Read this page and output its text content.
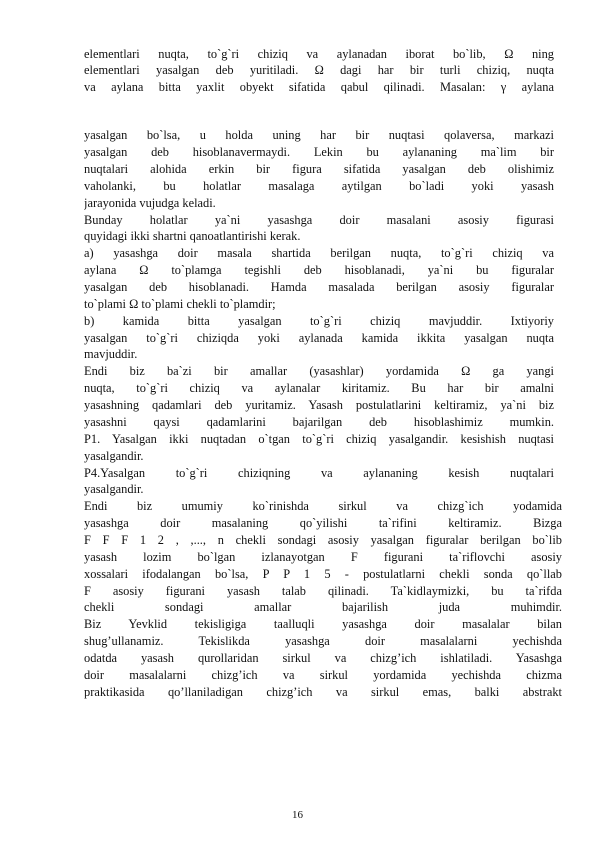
elementlari nuqta, to`g`ri chiziq va aylanadan iborat bo`lib, Ω ning
elementlari yasalgan deb yuritiladi. Ω dagi har bir turli chiziq, nuqta
va aylana bitta yaxlit obyekt sifatida qabul qilinadi. Masalan: γ aylana
yasalgan bo`lsa, u holda uning har bir nuqtasi qolaversa, markazi
yasalgan deb hisoblanavermaydi. Lekin bu aylananing ma`lim bir
nuqtalari alohida erkin bir figura sifatida yasalgan deb olishimiz
vaholanki, bu holatlar masalaga aytilgan bo`ladi yoki yasash
jarayonida vujudga keladi.
Bunday holatlar ya`ni yasashga doir masalani asosiy figurasi
quyidagi ikki shartni qanoatlantirishi kerak.
a) yasashga doir masala shartida berilgan nuqta, to`g`ri chiziq va
aylana Ω to`plamga tegishli deb hisoblanadi, ya`ni bu figuralar
yasalgan deb hisoblanadi. Hamda masalada berilgan asosiy figuralar
to`plami Ω to`plami chekli to`plamdir;
b) kamida bitta yasalgan to`g`ri chiziq mavjuddir. Ixtiyoriy
yasalgan to`g`ri chiziqda yoki aylanada kamida ikkita yasalgan nuqta
mavjuddir.
Endi biz ba`zi bir amallar (yasashlar) yordamida Ω ga yangi
nuqta, to`g`ri chiziq va aylanalar kiritamiz. Bu har bir amalni
yasashning qadamlari deb yuritamiz. Yasash postulatlarini keltiramiz, ya`ni biz
yasashni qaysi qadamlarini bajarilgan deb hisoblashimiz mumkin.
P1. Yasalgan ikki nuqtadan o`tgan to`g`ri chiziq yasalgandir. kesishish nuqtasi
yasalgandir.
P4.Yasalgan to`g`ri chiziqning va aylananing kesish nuqtalari
yasalgandir.
Endi biz umumiy ko`rinishda sirkul va chizg`ich yodamida
yasashga doir masalaning qo`yilishi ta`rifini keltiramiz. Bizga
F F F 1 2 , ,..., n chekli sondagi asosiy yasalgan figuralar berilgan bo`lib
yasash lozim bo`lgan izlanayotgan F figurani ta`riflovchi asosiy
xossalari ifodalangan bo`lsa, P P 1 5 - postulatlarni chekli sonda qo`llab
F asosiy figurani yasash talab qilinadi. Ta`kidlaymizki, bu ta`rifda
chekli sondagi amallar bajarilish juda muhimdir.
Biz Yevklid tekisligiga taalluqli yasashga doir masalalar bilan
shug’ullanamiz. Tekislikda yasashga doir masalalarni yechishda
odatda yasash qurollaridan sirkul va chizg’ich ishlatiladi. Yasashga
doir masalalarni chizg’ich va sirkul yordamida yechishda chizma
praktikasida qo’llaniladigan chizg’ich va sirkul emas, balki abstrakt
16
